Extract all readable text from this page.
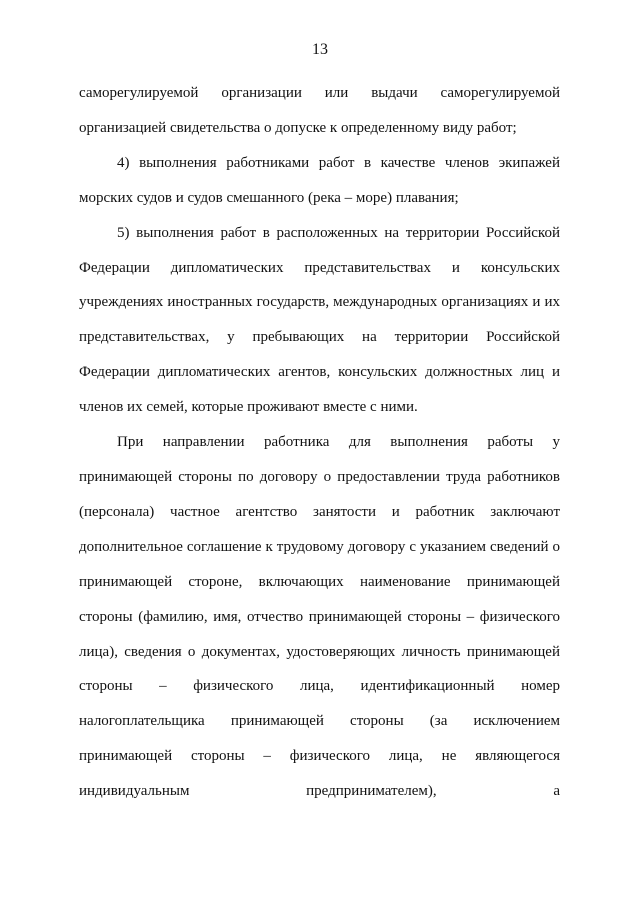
13

саморегулируемой организации или выдачи саморегулируемой организацией свидетельства о допуске к определенному виду работ;

4) выполнения работниками работ в качестве членов экипажей морских судов и судов смешанного (река – море) плавания;

5) выполнения работ в расположенных на территории Российской Федерации дипломатических представительствах и консульских учреждениях иностранных государств, международных организациях и их представительствах, у пребывающих на территории Российской Федерации дипломатических агентов, консульских должностных лиц и членов их семей, которые проживают вместе с ними.

При направлении работника для выполнения работы у принимающей стороны по договору о предоставлении труда работников (персонала) частное агентство занятости и работник заключают дополнительное соглашение к трудовому договору с указанием сведений о принимающей стороне, включающих наименование принимающей стороны (фамилию, имя, отчество принимающей стороны – физического лица), сведения о документах, удостоверяющих личность принимающей стороны – физического лица, идентификационный номер налогоплательщика принимающей стороны (за исключением принимающей стороны – физического лица, не являющегося индивидуальным предпринимателем), а
